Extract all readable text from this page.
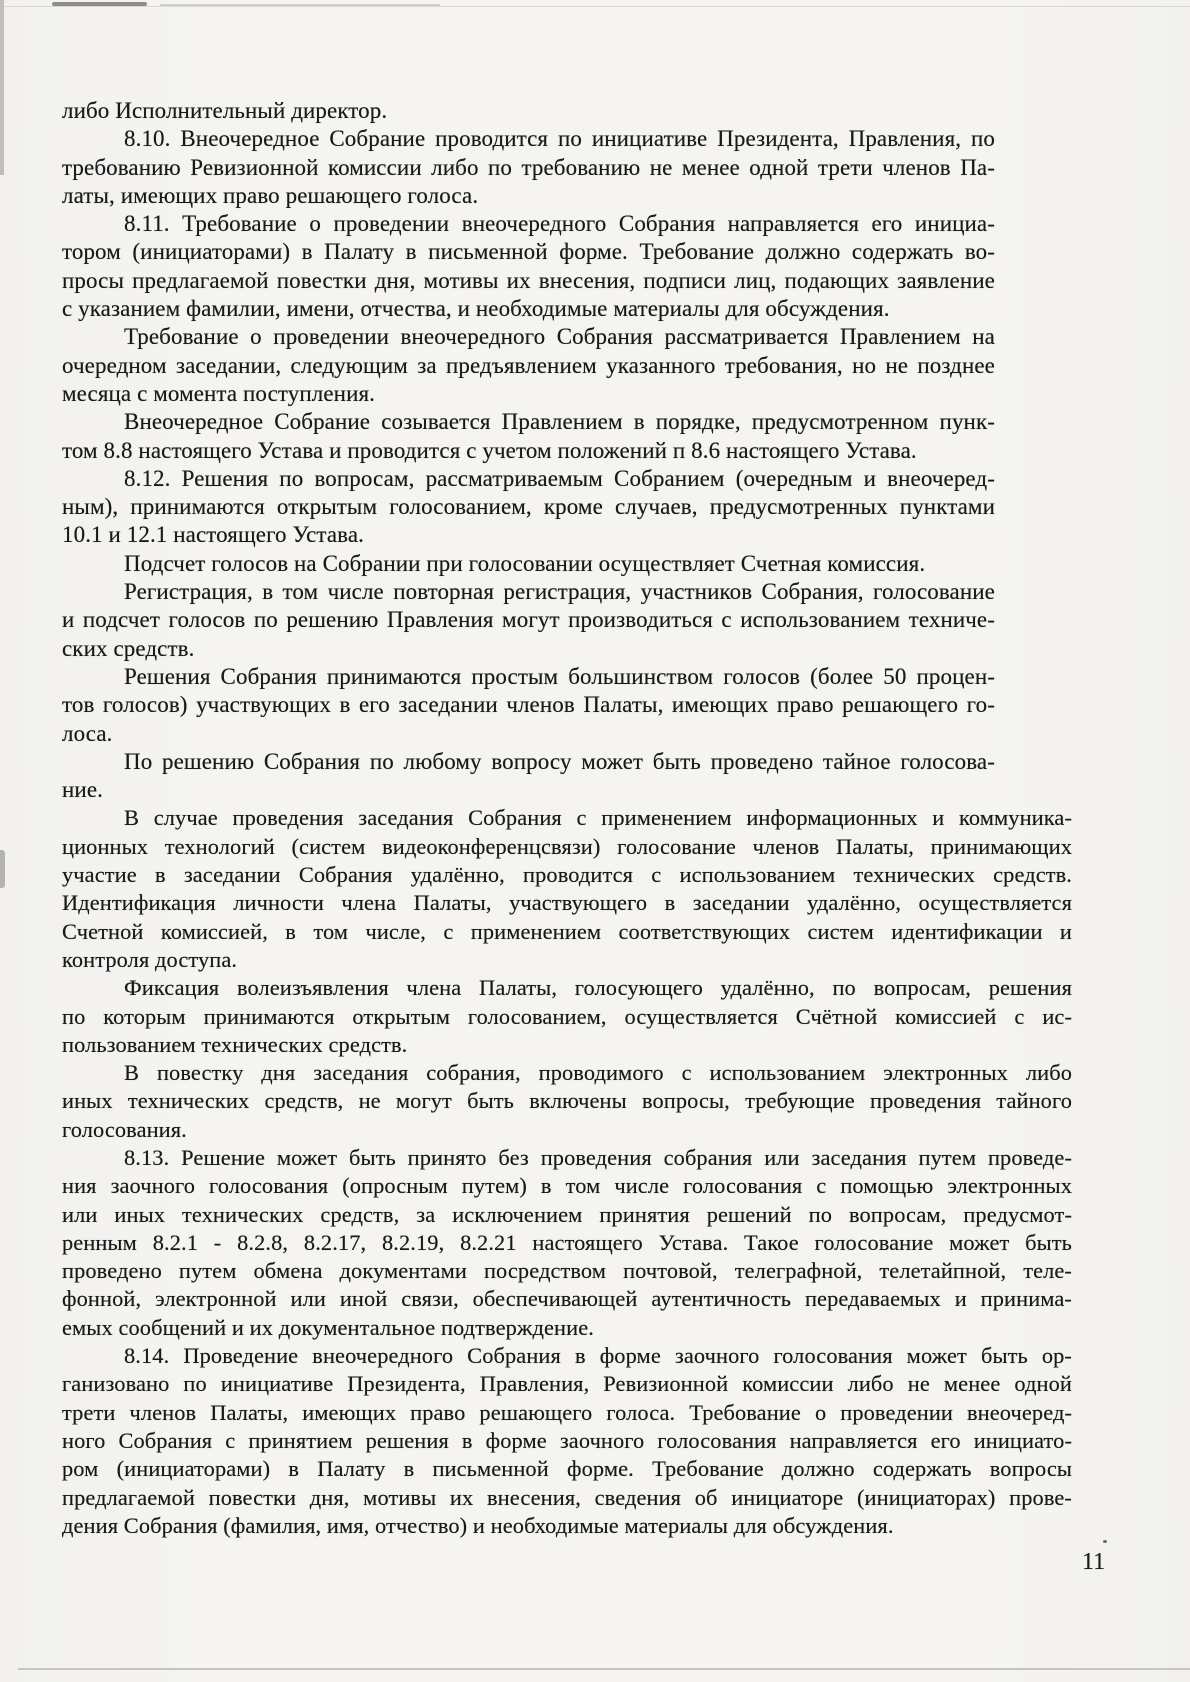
либо Исполнительный директор.
8.10. Внеочередное Собрание проводится по инициативе Президента, Правления, по
требованию Ревизионной комиссии либо по требованию не менее одной трети членов Па-
латы, имеющих право решающего голоса.
8.11. Требование о проведении внеочередного Собрания направляется его инициа-
тором (инициаторами) в Палату в письменной форме. Требование должно содержать во-
просы предлагаемой повестки дня, мотивы их внесения, подписи лиц, подающих заявление
с указанием фамилии, имени, отчества, и необходимые материалы для обсуждения.
Требование о проведении внеочередного Собрания рассматривается Правлением на
очередном заседании, следующим за предъявлением указанного требования, но не позднее
месяца с момента поступления.
Внеочередное Собрание созывается Правлением в порядке, предусмотренном пунк-
том 8.8 настоящего Устава и проводится с учетом положений п 8.6 настоящего Устава.
8.12. Решения по вопросам, рассматриваемым Собранием (очередным и внеочеред-
ным), принимаются открытым голосованием, кроме случаев, предусмотренных пунктами
10.1 и 12.1 настоящего Устава.
Подсчет голосов на Собрании при голосовании осуществляет Счетная комиссия.
Регистрация, в том числе повторная регистрация, участников Собрания, голосование
и подсчет голосов по решению Правления могут производиться с использованием техниче-
ских средств.
Решения Собрания принимаются простым большинством голосов (более 50 процен-
тов голосов) участвующих в его заседании членов Палаты, имеющих право решающего го-
лоса.
По решению Собрания по любому вопросу может быть проведено тайное голосова-
ние.
В случае проведения заседания Собрания с применением информационных и коммуника-
ционных технологий (систем видеоконференцсвязи) голосование членов Палаты, принимающих
участие в заседании Собрания удалённо, проводится с использованием технических средств.
Идентификация личности члена Палаты, участвующего в заседании удалённо, осуществляется
Счетной комиссией, в том числе, с применением соответствующих систем идентификации и
контроля доступа.
Фиксация волеизъявления члена Палаты, голосующего удалённо, по вопросам, решения
по которым принимаются открытым голосованием, осуществляется Счётной комиссией с ис-
пользованием технических средств.
В повестку дня заседания собрания, проводимого с использованием электронных либо
иных технических средств, не могут быть включены вопросы, требующие проведения тайного
голосования.
8.13. Решение может быть принято без проведения собрания или заседания путем проведе-
ния заочного голосования (опросным путем) в том числе голосования с помощью электронных
или иных технических средств, за исключением принятия решений по вопросам, предусмот-
ренным 8.2.1 - 8.2.8, 8.2.17, 8.2.19, 8.2.21 настоящего Устава. Такое голосование может быть
проведено путем обмена документами посредством почтовой, телеграфной, телетайпной, теле-
фонной, электронной или иной связи, обеспечивающей аутентичность передаваемых и принима-
емых сообщений и их документальное подтверждение.
8.14. Проведение внеочередного Собрания в форме заочного голосования может быть ор-
ганизовано по инициативе Президента, Правления, Ревизионной комиссии либо не менее одной
трети членов Палаты, имеющих право решающего голоса. Требование о проведении внеочеред-
ного Собрания с принятием решения в форме заочного голосования направляется его инициато-
ром (инициаторами) в Палату в письменной форме. Требование должно содержать вопросы
предлагаемой повестки дня, мотивы их внесения, сведения об инициаторе (инициаторах) прове-
дения Собрания (фамилия, имя, отчество) и необходимые материалы для обсуждения.
11
